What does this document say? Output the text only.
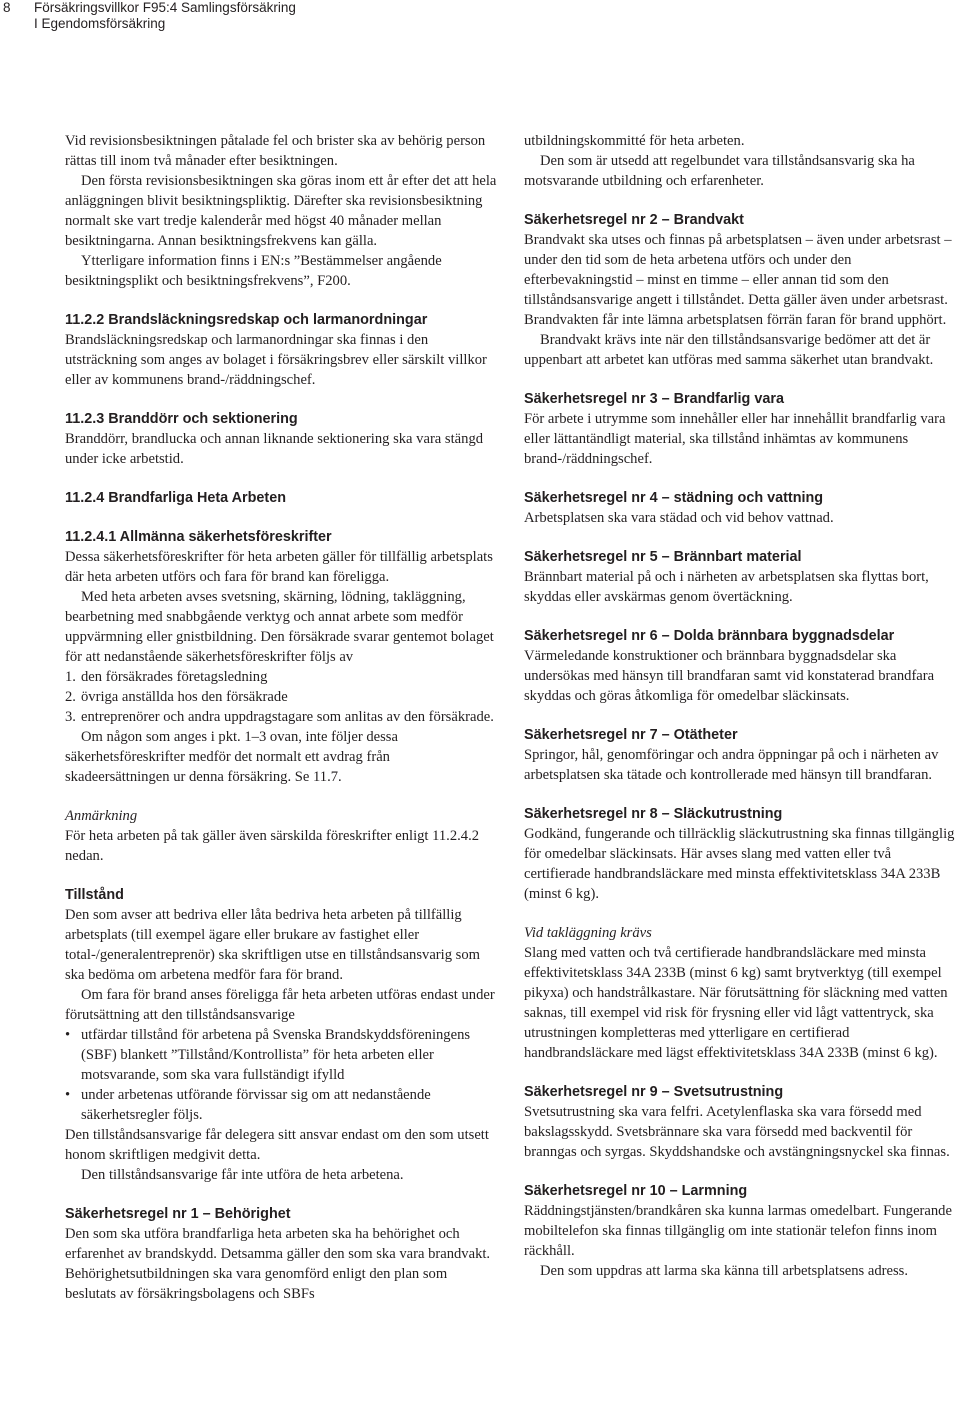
8	Försäkringsvillkor F95:4 Samlingsförsäkring
I Egendomsförsäkring

Vid revisionsbesiktningen påtalade fel och brister ska av behörig person rättas till inom två månader efter besiktningen.

Den första revisionsbesiktningen ska göras inom ett år efter det att hela anläggningen blivit besiktningspliktig. Därefter ska revisionsbesiktning normalt ske vart tredje kalenderår med högst 40 månader mellan besiktningarna. Annan besiktningsfrekvens kan gälla.

Ytterligare information finns i EN:s ”Bestämmelser angående besiktningsplikt och besiktningsfrekvens”, F200.

11.2.2 Brandsläckningsredskap och larmanordningar

Brandsläckningsredskap och larmanordningar ska finnas i den utsträckning som anges av bolaget i försäkringsbrev eller särskilt villkor eller av kommunens brand-/räddningschef.

11.2.3 Branddörr och sektionering

Branddörr, brandlucka och annan liknande sektionering ska vara stängd under icke arbetstid.

11.2.4 Brandfarliga Heta Arbeten

11.2.4.1 Allmänna säkerhetsföreskrifter

Dessa säkerhetsföreskrifter för heta arbeten gäller för tillfällig arbetsplats där heta arbeten utförs och fara för brand kan föreligga.

Med heta arbeten avses svetsning, skärning, lödning, takläggning, bearbetning med snabbgående verktyg och annat arbete som medför uppvärmning eller gnistbildning. Den försäkrade svarar gentemot bolaget för att nedanstående säkerhetsföreskrifter följs av

1. den försäkrades företagsledning
2. övriga anställda hos den försäkrade
3. entreprenörer och andra uppdragstagare som anlitas av den försäkrade.

Om någon som anges i pkt. 1–3 ovan, inte följer dessa säkerhetsföreskrifter medför det normalt ett avdrag från skadeersättningen ur denna försäkring. Se 11.7.

Anmärkning

För heta arbeten på tak gäller även särskilda föreskrifter enligt 11.2.4.2 nedan.

Tillstånd

Den som avser att bedriva eller låta bedriva heta arbeten på tillfällig arbetsplats (till exempel ägare eller brukare av fastighet eller total-/generalentreprenör) ska skriftligen utse en tillståndsansvarig som ska bedöma om arbetena medför fara för brand.

Om fara för brand anses föreligga får heta arbeten utföras endast under förutsättning att den tillståndsansvarige

• utfärdar tillstånd för arbetena på Svenska Brandskyddsföreningens (SBF) blankett ”Tillstånd/Kontrollista” för heta arbeten eller motsvarande, som ska vara fullständigt ifylld
• under arbetenas utförande förvissar sig om att nedanstående säkerhetsregler följs.

Den tillståndsansvarige får delegera sitt ansvar endast om den som utsett honom skriftligen medgivit detta.

Den tillståndsansvarige får inte utföra de heta arbetena.

Säkerhetsregel nr 1 – Behörighet

Den som ska utföra brandfarliga heta arbeten ska ha behörighet och erfarenhet av brandskydd. Detsamma gäller den som ska vara brandvakt. Behörighetsutbildningen ska vara genomförd enligt den plan som beslutats av försäkringsbolagens och SBFs

utbildningskommitté för heta arbeten.

Den som är utsedd att regelbundet vara tillståndsansvarig ska ha motsvarande utbildning och erfarenheter.

Säkerhetsregel nr 2 – Brandvakt

Brandvakt ska utses och finnas på arbetsplatsen – även under arbetsrast – under den tid som de heta arbetena utförs och under den efterbevakningstid – minst en timme – eller annan tid som den tillståndsansvarige angett i tillståndet. Detta gäller även under arbetsrast. Brandvakten får inte lämna arbetsplatsen förrän faran för brand upphört.

Brandvakt krävs inte när den tillståndsansvarige bedömer att det är uppenbart att arbetet kan utföras med samma säkerhet utan brandvakt.

Säkerhetsregel nr 3 – Brandfarlig vara

För arbete i utrymme som innehåller eller har innehållit brandfarlig vara eller lättantändligt material, ska tillstånd inhämtas av kommunens brand-/räddningschef.

Säkerhetsregel nr 4 – städning och vattning

Arbetsplatsen ska vara städad och vid behov vattnad.

Säkerhetsregel nr 5 – Brännbart material

Brännbart material på och i närheten av arbetsplatsen ska flyttas bort, skyddas eller avskärmas genom övertäckning.

Säkerhetsregel nr 6 – Dolda brännbara byggnadsdelar

Värmeledande konstruktioner och brännbara byggnadsdelar ska undersökas med hänsyn till brandfaran samt vid konstaterad brandfara skyddas och göras åtkomliga för omedelbar släckinsats.

Säkerhetsregel nr 7 – Otätheter

Springor, hål, genomföringar och andra öppningar på och i närheten av arbetsplatsen ska tätade och kontrollerade med hänsyn till brandfaran.

Säkerhetsregel nr 8 – Släckutrustning

Godkänd, fungerande och tillräcklig släckutrustning ska finnas tillgänglig för omedelbar släckinsats. Här avses slang med vatten eller två certifierade handbrandsläckare med minsta effektivitetsklass 34A 233B (minst 6 kg).

Vid takläggning krävs

Slang med vatten och två certifierade handbrandsläckare med minsta effektivitetsklass 34A 233B (minst 6 kg) samt brytverktyg (till exempel pikyxa) och handstrålkastare. När förutsättning för släckning med vatten saknas, till exempel vid risk för frysning eller vid lågt vattentryck, ska utrustningen kompletteras med ytterligare en certifierad handbrandsläckare med lägst effektivitetsklass 34A 233B (minst 6 kg).

Säkerhetsregel nr 9 – Svetsutrustning

Svetsutrustning ska vara felfri. Acetylenflaska ska vara försedd med bakslagsskydd. Svetsbrännare ska vara försedd med backventil för branngas och syrgas. Skyddshandske och avstängningsnyckel ska finnas.

Säkerhetsregel nr 10 – Larmning

Räddningstjänsten/brandkåren ska kunna larmas omedelbart. Fungerande mobiltelefon ska finnas tillgänglig om inte stationär telefon finns inom räckhåll.

Den som uppdras att larma ska känna till arbetsplatsens adress.
